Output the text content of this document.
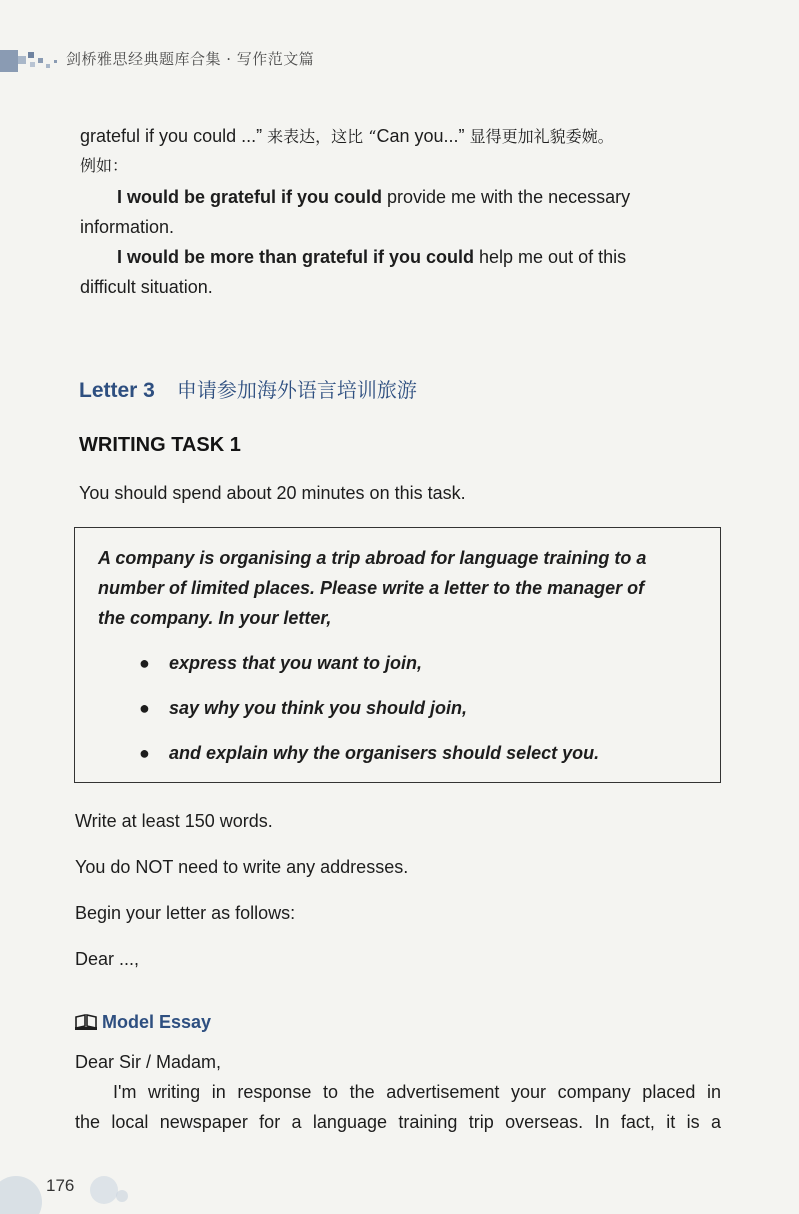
剑桥雅思经典题库合集 · 写作范文篇

grateful if you could ...” 来表达，这比 “Can you...” 显得更加礼貌委婉。

例如：

I would be grateful if you could provide me with the necessary

information.

I would be more than grateful if you could help me out of this

difficult situation.

Letter 3 申请参加海外语言培训旅游
WRITING TASK 1
You should spend about 20 minutes on this task.
A company is organising a trip abroad for language training to a
number of limited places. Please write a letter to the manager of
the company. In your letter,
● express that you want to join,
● say why you think you should join,
● and explain why the organisers should select you.
Write at least 150 words.
You do NOT need to write any addresses.
Begin your letter as follows:
Dear ...,
Model Essay
Dear Sir / Madam,
I'm writing in response to the advertisement your company placed in
the local newspaper for a language training trip overseas. In fact, it is a
176
